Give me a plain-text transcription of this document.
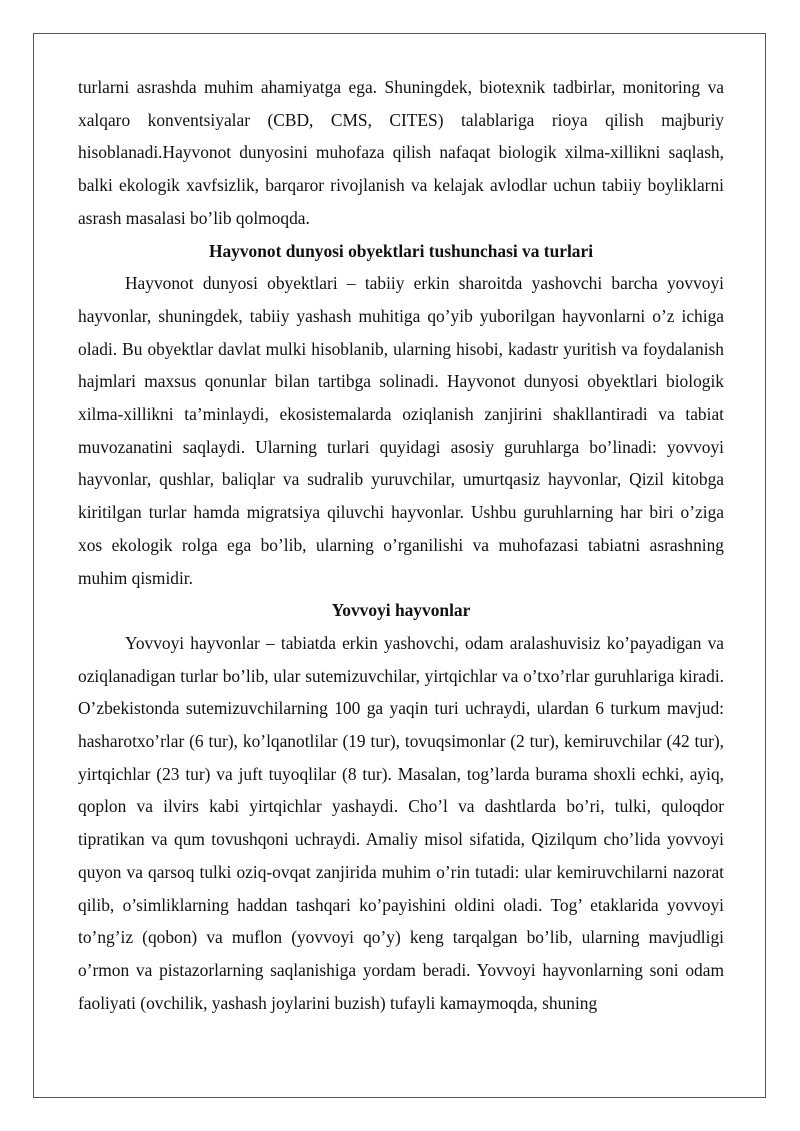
turlarni asrashda muhim ahamiyatga ega. Shuningdek, biotexnik tadbirlar, monitoring va xalqaro konventsiyalar (CBD, CMS, CITES) talablariga rioya qilish majburiy hisoblanadi.Hayvonot dunyosini muhofaza qilish nafaqat biologik xilma-xillikni saqlash, balki ekologik xavfsizlik, barqaror rivojlanish va kelajak avlodlar uchun tabiiy boyliklarni asrash masalasi bo’lib qolmoqda.

Hayvonot dunyosi obyektlari tushunchasi va turlari

Hayvonot dunyosi obyektlari – tabiiy erkin sharoitda yashovchi barcha yovvoyi hayvonlar, shuningdek, tabiiy yashash muhitiga qo’yib yuborilgan hayvonlarni o’z ichiga oladi. Bu obyektlar davlat mulki hisoblanib, ularning hisobi, kadastr yuritish va foydalanish hajmlari maxsus qonunlar bilan tartibga solinadi. Hayvonot dunyosi obyektlari biologik xilma-xillikni ta’minlaydi, ekosistemalarda oziqlanish zanjirini shakllantiradi va tabiat muvozanatini saqlaydi. Ularning turlari quyidagi asosiy guruhlarga bo’linadi: yovvoyi hayvonlar, qushlar, baliqlar va sudralib yuruvchilar, umurtqasiz hayvonlar, Qizil kitobga kiritilgan turlar hamda migratsiya qiluvchi hayvonlar. Ushbu guruhlarning har biri o’ziga xos ekologik rolga ega bo’lib, ularning o’rganilishi va muhofazasi tabiatni asrashning muhim qismidir.

Yovvoyi hayvonlar

Yovvoyi hayvonlar – tabiatda erkin yashovchi, odam aralashuvisiz ko’payadigan va oziqlanadigan turlar bo’lib, ular sutemizuvchilar, yirtqichlar va o’txo’rlar guruhlariga kiradi. O’zbekistonda sutemizuvchilarning 100 ga yaqin turi uchraydi, ulardan 6 turkum mavjud: hasharotxo’rlar (6 tur), ko’lqanotlilar (19 tur), tovuqsimonlar (2 tur), kemiruvchilar (42 tur), yirtqichlar (23 tur) va juft tuyoqlilar (8 tur). Masalan, tog’larda burama shoxli echki, ayiq, qoplon va ilvirs kabi yirtqichlar yashaydi. Cho’l va dashtlarda bo’ri, tulki, quloqdor tipratikan va qum tovushqoni uchraydi. Amaliy misol sifatida, Qizilqum cho’lida yovvoyi quyon va qarsoq tulki oziq-ovqat zanjirida muhim o’rin tutadi: ular kemiruvchilarni nazorat qilib, o’simliklarning haddan tashqari ko’payishini oldini oladi. Tog’ etaklarida yovvoyi to’ng’iz (qobon) va muflon (yovvoyi qo’y) keng tarqalgan bo’lib, ularning mavjudligi o’rmon va pistazorlarning saqlanishiga yordam beradi. Yovvoyi hayvonlarning soni odam faoliyati (ovchilik, yashash joylarini buzish) tufayli kamaymoqda, shuning
